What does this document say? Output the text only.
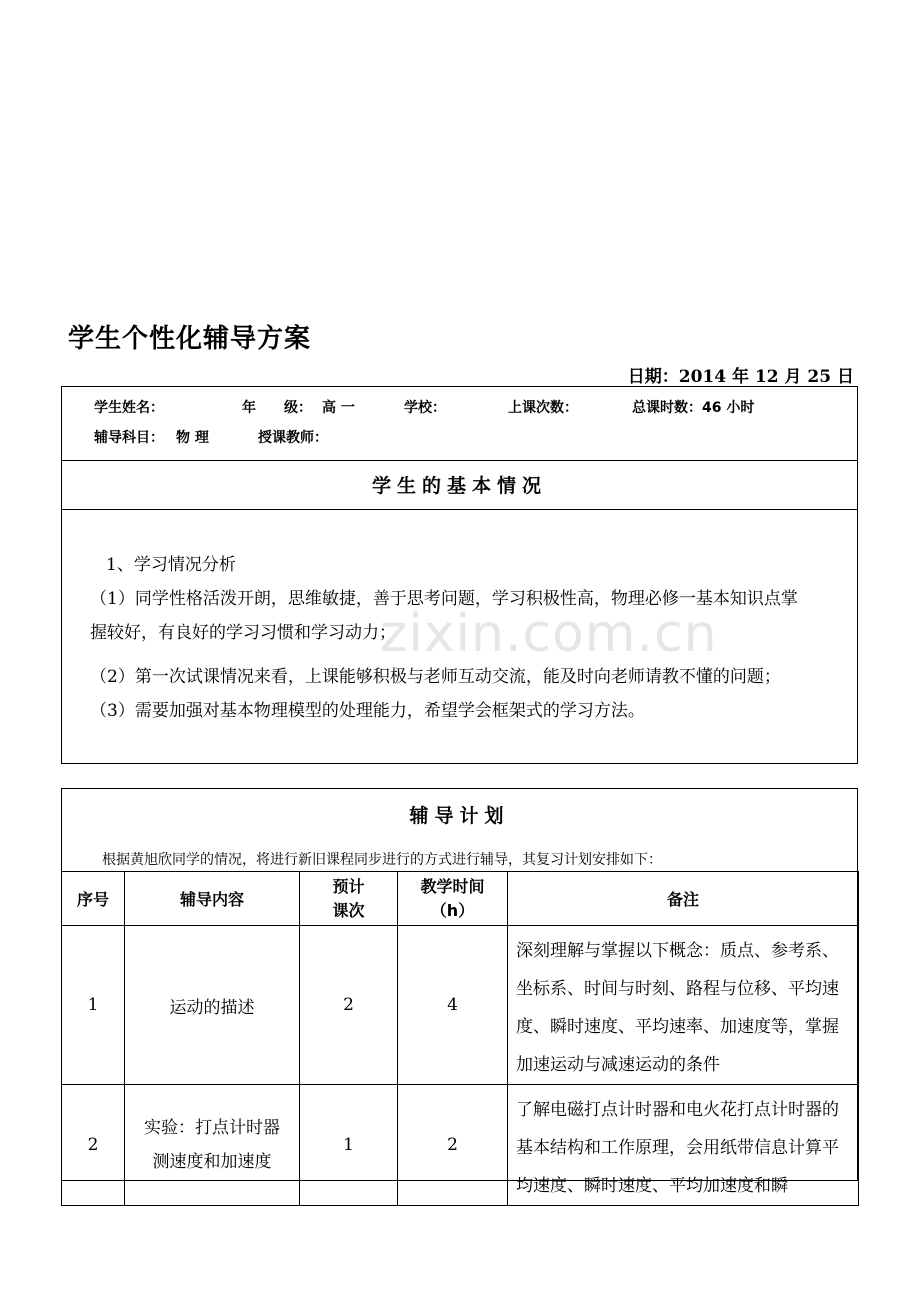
学生个性化辅导方案
日期：2014 年 12 月 25 日
学生姓名：	年　　级： 高 一	学校：	上课次数：	总课时数：46 小时
辅导科目： 物 理	授课教师：
学生的基本情况
1、学习情况分析
（1）同学性格活泼开朗，思维敏捷，善于思考问题，学习积极性高，物理必修一基本知识点掌
握较好，有良好的学习习惯和学习动力；
（2）第一次试课情况来看，上课能够积极与老师互动交流，能及时向老师请教不懂的问题；
（3）需要加强对基本物理模型的处理能力，希望学会框架式的学习方法。
zixin.com.cn
辅导计划
根据黄旭欣同学的情况，将进行新旧课程同步进行的方式进行辅导，其复习计划安排如下：
序号	辅导内容	预计课次	教学时间（h）	备注
1	运动的描述	2	4	深刻理解与掌握以下概念：质点、参考系、坐标系、时间与时刻、路程与位移、平均速度、瞬时速度、平均速率、加速度等，掌握加速运动与减速运动的条件
2	实验：打点计时器测速度和加速度	1	2	了解电磁打点计时器和电火花打点计时器的基本结构和工作原理，会用纸带信息计算平均速度、瞬时速度、平均加速度和瞬
